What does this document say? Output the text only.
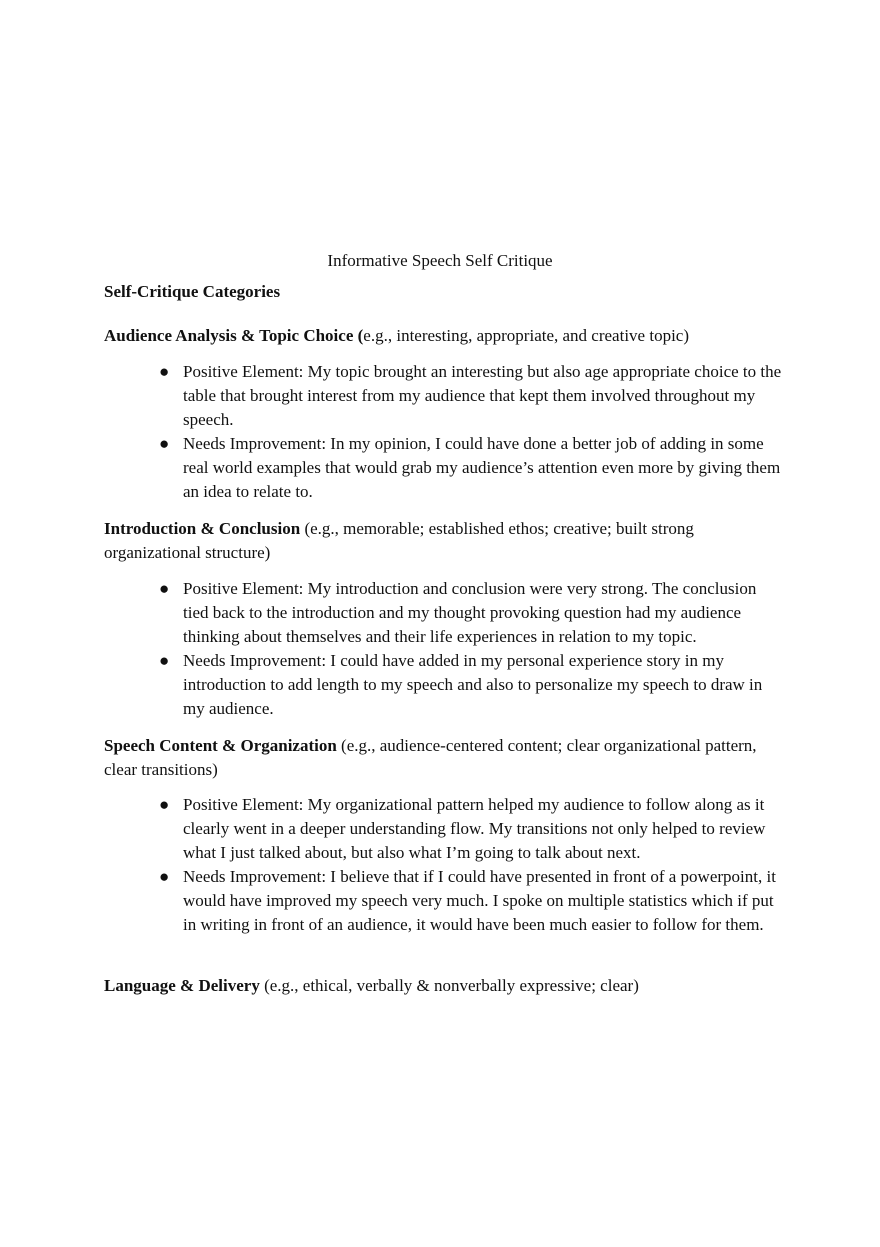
Informative Speech Self Critique
Self-Critique Categories
Audience Analysis & Topic Choice (e.g., interesting, appropriate, and creative topic)
● Positive Element: My topic brought an interesting but also age appropriate choice to the table that brought interest from my audience that kept them involved throughout my speech.
● Needs Improvement: In my opinion, I could have done a better job of adding in some real world examples that would grab my audience’s attention even more by giving them an idea to relate to.
Introduction & Conclusion (e.g., memorable; established ethos; creative; built strong organizational structure)
● Positive Element: My introduction and conclusion were very strong. The conclusion tied back to the introduction and my thought provoking question had my audience thinking about themselves and their life experiences in relation to my topic.
● Needs Improvement: I could have added in my personal experience story in my introduction to add length to my speech and also to personalize my speech to draw in my audience.
Speech Content & Organization (e.g., audience-centered content; clear organizational pattern, clear transitions)
● Positive Element: My organizational pattern helped my audience to follow along as it clearly went in a deeper understanding flow. My transitions not only helped to review what I just talked about, but also what I’m going to talk about next.
● Needs Improvement: I believe that if I could have presented in front of a powerpoint, it would have improved my speech very much. I spoke on multiple statistics which if put in writing in front of an audience, it would have been much easier to follow for them.
Language & Delivery (e.g., ethical, verbally & nonverbally expressive; clear)
